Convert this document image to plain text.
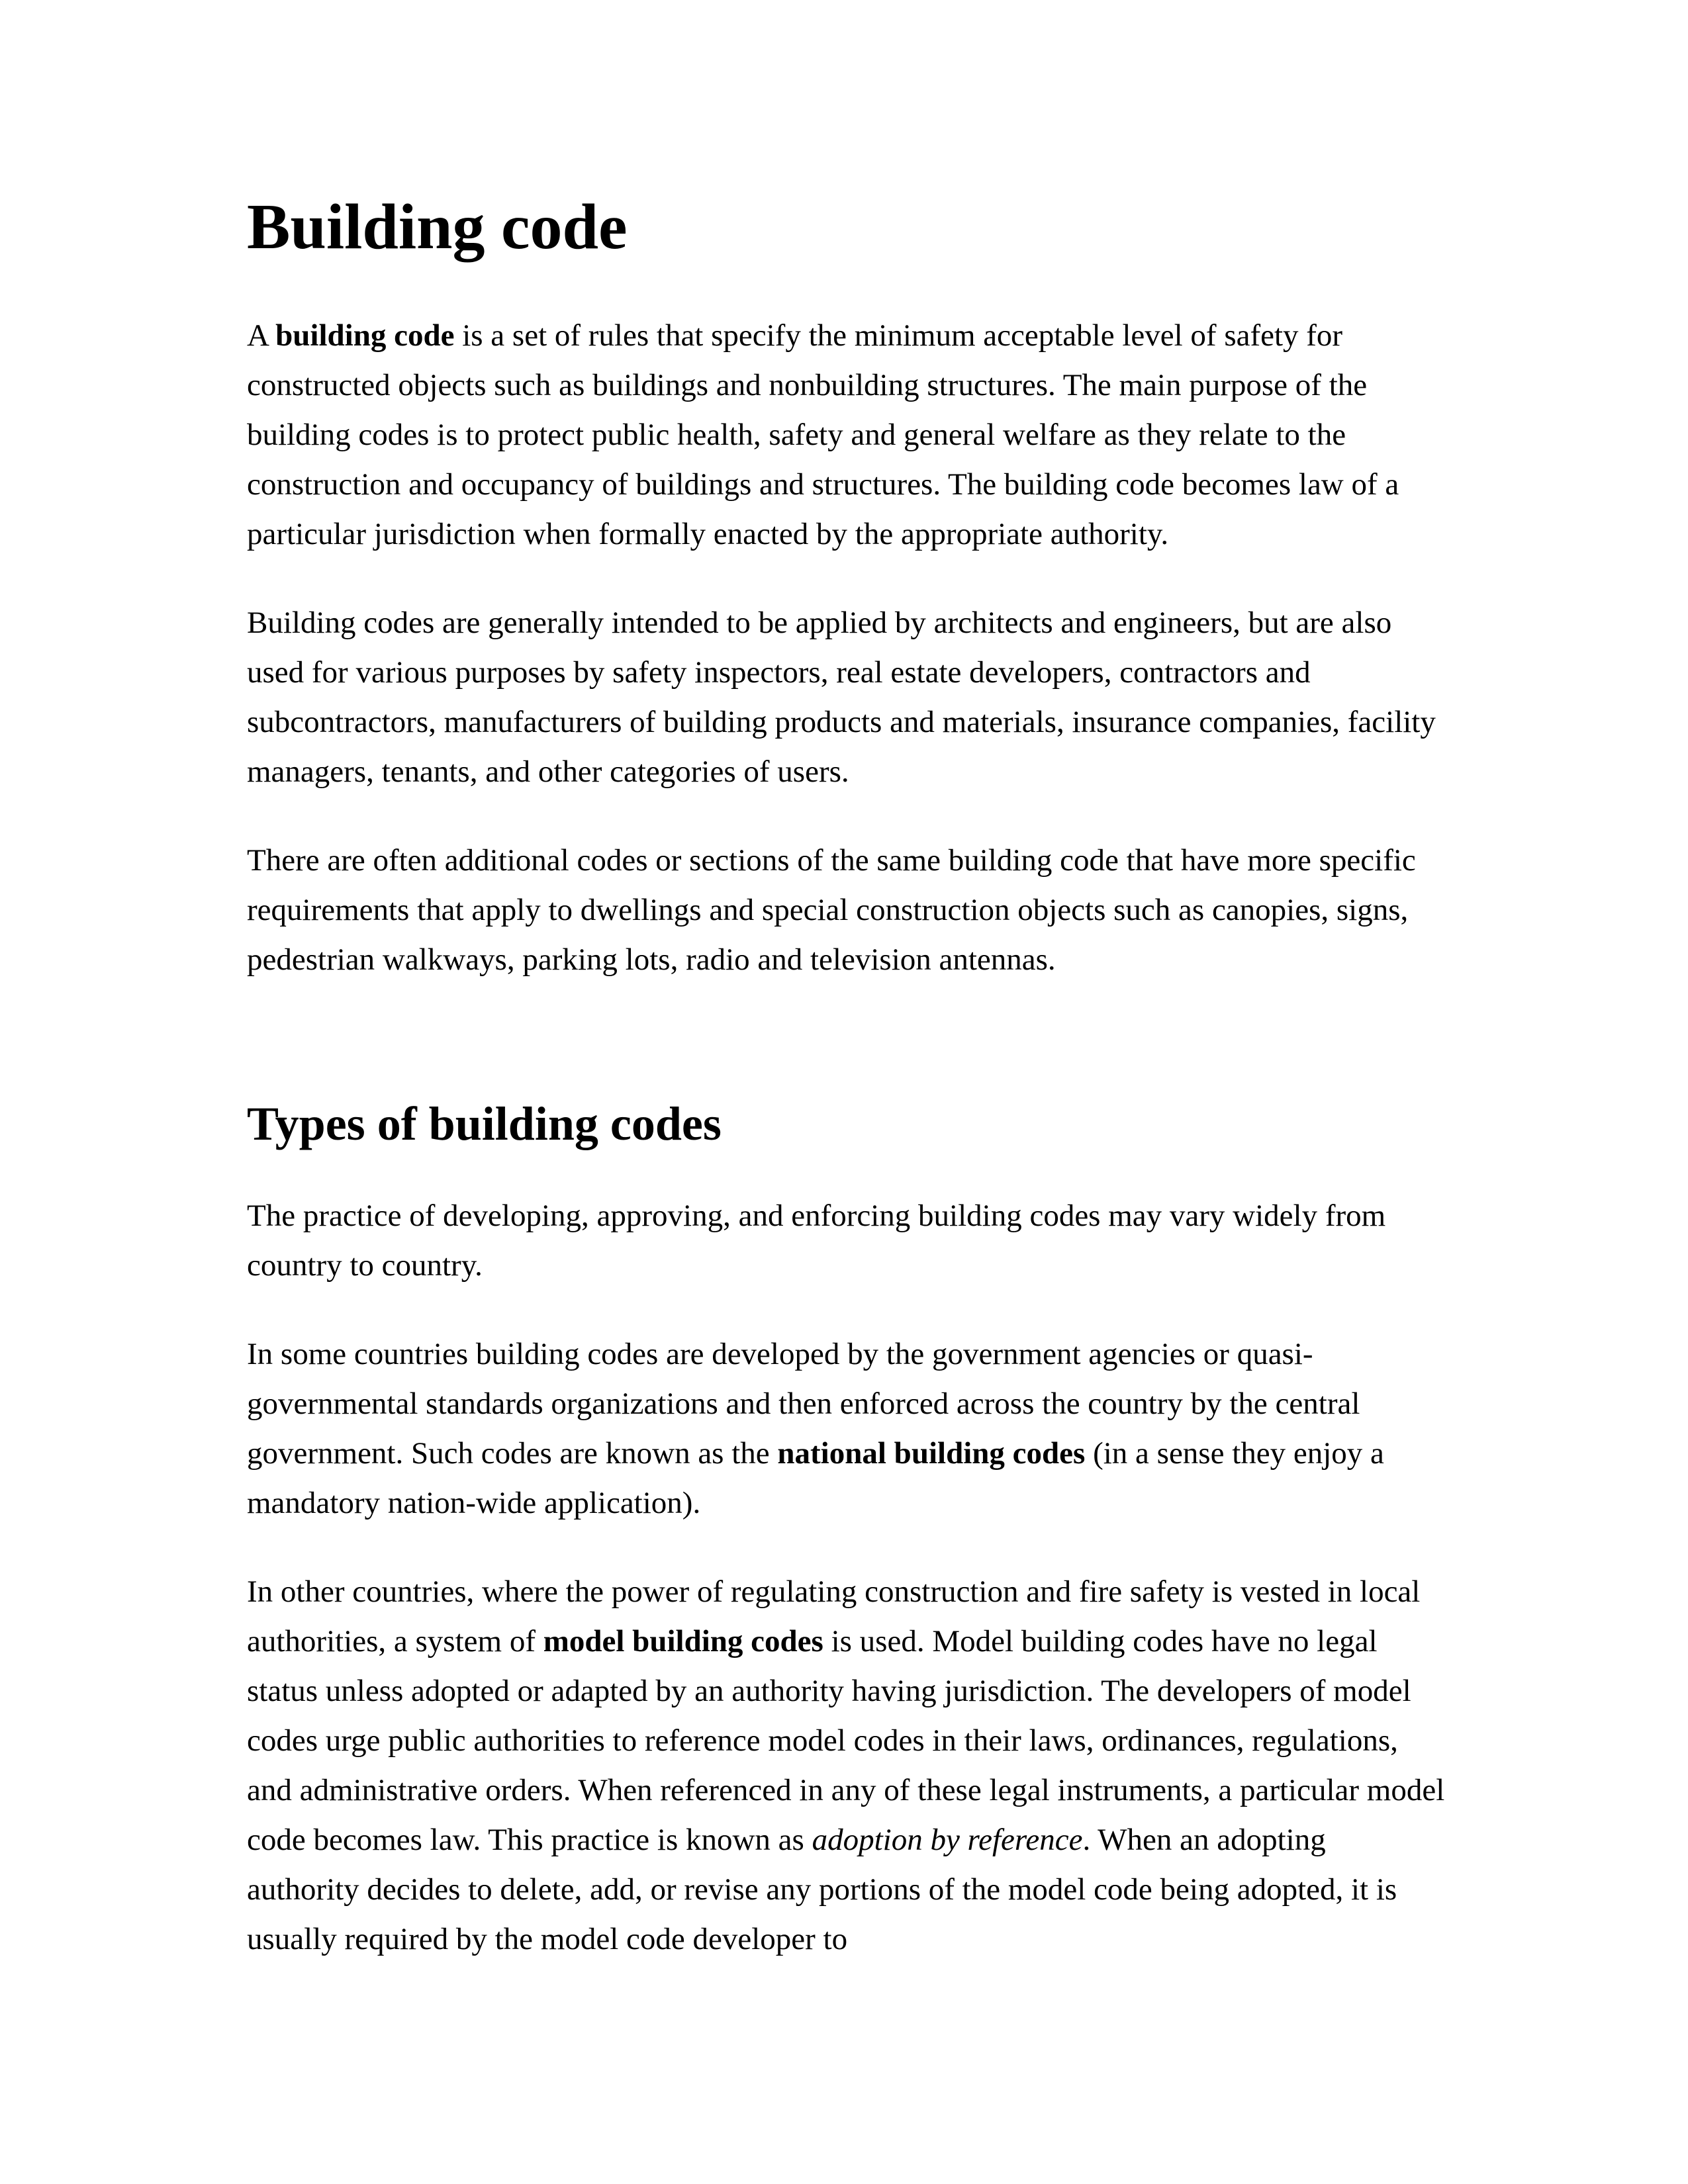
Building code

A building code is a set of rules that specify the minimum acceptable level of safety for constructed objects such as buildings and nonbuilding structures. The main purpose of the building codes is to protect public health, safety and general welfare as they relate to the construction and occupancy of buildings and structures. The building code becomes law of a particular jurisdiction when formally enacted by the appropriate authority.

Building codes are generally intended to be applied by architects and engineers, but are also used for various purposes by safety inspectors, real estate developers, contractors and subcontractors, manufacturers of building products and materials, insurance companies, facility managers, tenants, and other categories of users.

There are often additional codes or sections of the same building code that have more specific requirements that apply to dwellings and special construction objects such as canopies, signs, pedestrian walkways, parking lots, radio and television antennas.

Types of building codes

The practice of developing, approving, and enforcing building codes may vary widely from country to country.

In some countries building codes are developed by the government agencies or quasi-governmental standards organizations and then enforced across the country by the central government. Such codes are known as the national building codes (in a sense they enjoy a mandatory nation-wide application).

In other countries, where the power of regulating construction and fire safety is vested in local authorities, a system of model building codes is used. Model building codes have no legal status unless adopted or adapted by an authority having jurisdiction. The developers of model codes urge public authorities to reference model codes in their laws, ordinances, regulations, and administrative orders. When referenced in any of these legal instruments, a particular model code becomes law. This practice is known as adoption by reference. When an adopting authority decides to delete, add, or revise any portions of the model code being adopted, it is usually required by the model code developer to
